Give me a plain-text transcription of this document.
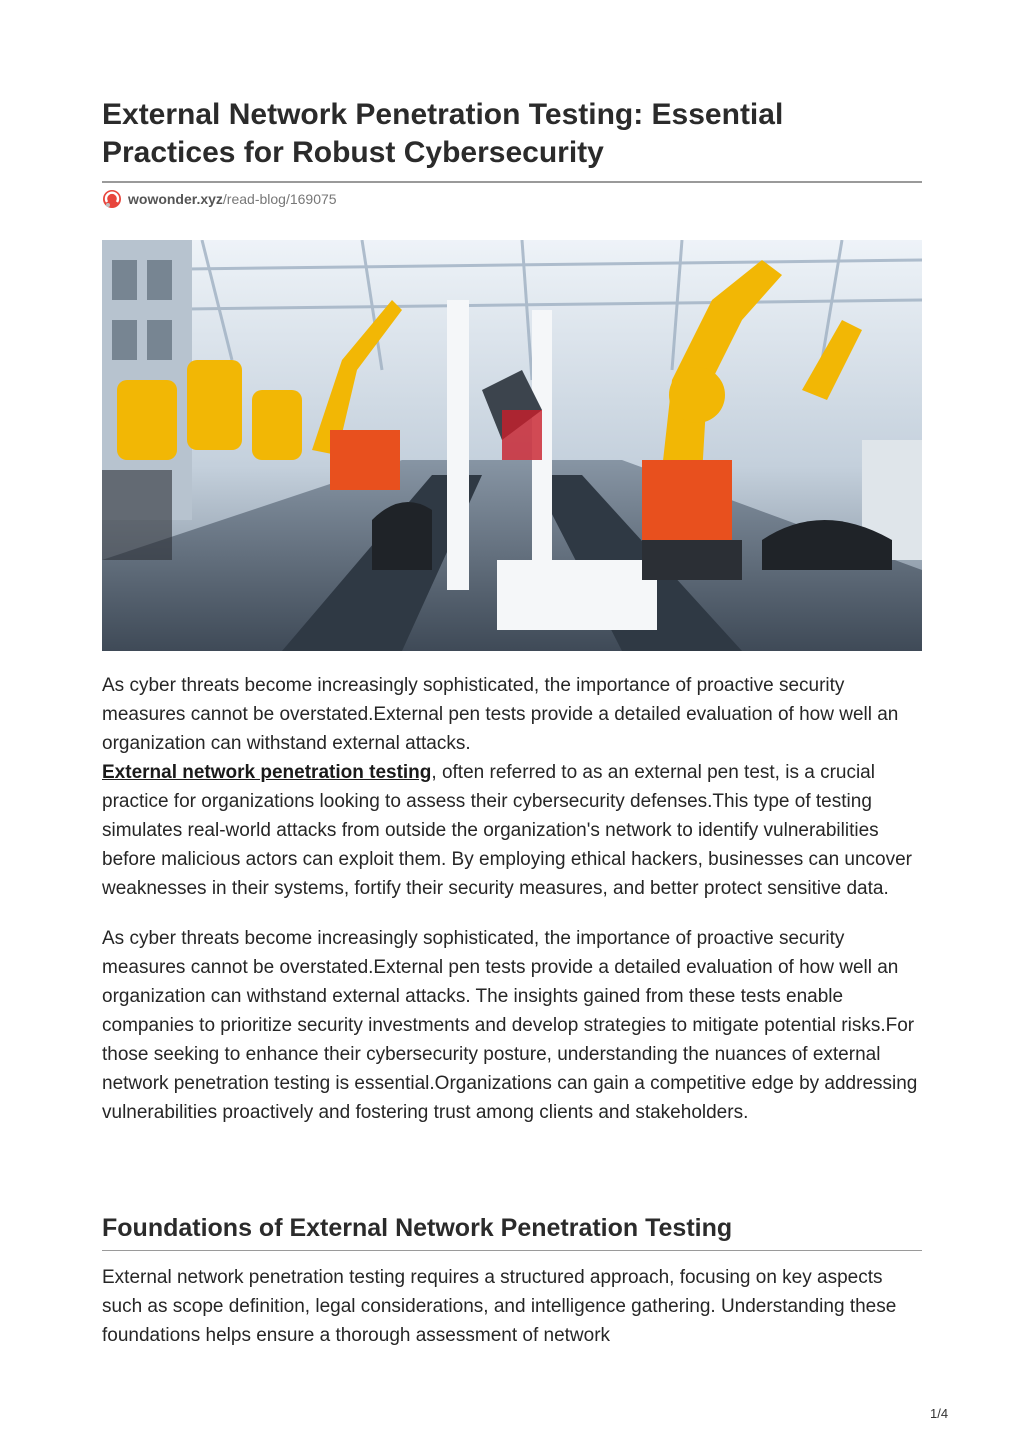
External Network Penetration Testing: Essential Practices for Robust Cybersecurity
wowonder.xyz /read-blog/169075

As cyber threats become increasingly sophisticated, the importance of proactive security measures cannot be overstated.External pen tests provide a detailed evaluation of how well an organization can withstand external attacks.
External network penetration testing, often referred to as an external pen test, is a crucial practice for organizations looking to assess their cybersecurity defenses.This type of testing simulates real-world attacks from outside the organization's network to identify vulnerabilities before malicious actors can exploit them. By employing ethical hackers, businesses can uncover weaknesses in their systems, fortify their security measures, and better protect sensitive data.

As cyber threats become increasingly sophisticated, the importance of proactive security measures cannot be overstated.External pen tests provide a detailed evaluation of how well an organization can withstand external attacks. The insights gained from these tests enable companies to prioritize security investments and develop strategies to mitigate potential risks.For those seeking to enhance their cybersecurity posture, understanding the nuances of external network penetration testing is essential.Organizations can gain a competitive edge by addressing vulnerabilities proactively and fostering trust among clients and stakeholders.

Foundations of External Network Penetration Testing

External network penetration testing requires a structured approach, focusing on key aspects such as scope definition, legal considerations, and intelligence gathering. Understanding these foundations helps ensure a thorough assessment of network

1/4
